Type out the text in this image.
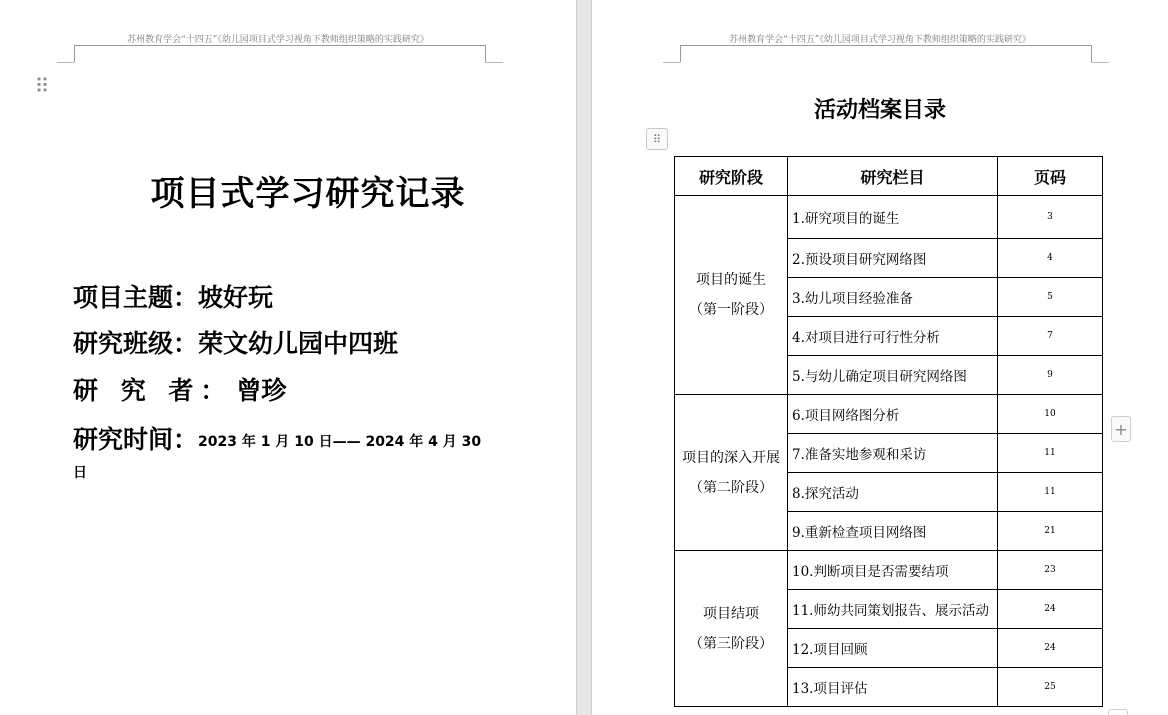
苏州教育学会“十四五”《幼儿园项目式学习视角下教师组织策略的实践研究》	苏州教育学会“十四五”《幼儿园项目式学习视角下教师组织策略的实践研究》
⠿
项目式学习研究记录
项目主题：坡好玩
研究班级：荣文幼儿园中四班
研 究 者： 曾珍
研究时间：2023 年 1 月 10 日—— 2024 年 4 月 30
日
活动档案目录
⠿
研究阶段	研究栏目	页码

项目的诞生
（第一阶段）	1.研究项目的诞生	3
	2.预设项目研究网络图	4
	3.幼儿项目经验准备	5
	4.对项目进行可行性分析	7
	5.与幼儿确定项目研究网络图	9

项目的深入开展
（第二阶段）	6.项目网络图分析	10
	7.准备实地参观和采访	11
	8.探究活动	11
	9.重新检查项目网络图	21

项目结项
（第三阶段）	10.判断项目是否需要结项	23
	11.师幼共同策划报告、展示活动	24
	12.项目回顾	24
	13.项目评估	25
+
